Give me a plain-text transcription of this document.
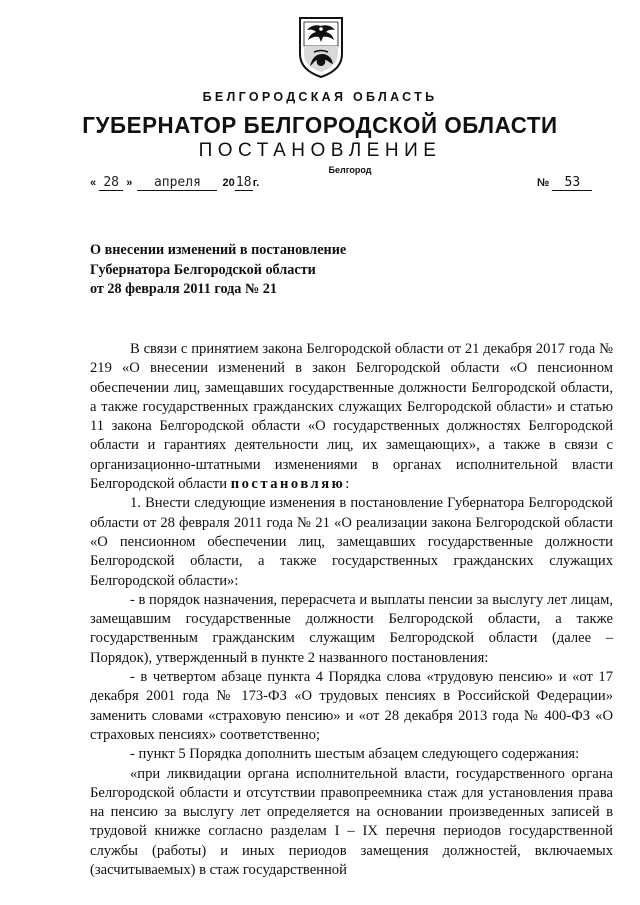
БЕЛГОРОДСКАЯ ОБЛАСТЬ
ГУБЕРНАТОР БЕЛГОРОДСКОЙ ОБЛАСТИ
ПОСТАНОВЛЕНИЕ
Белгород
« 28 » апреля 2018г.	№ 53
О внесении изменений в постановление
Губернатора Белгородской области
от 28 февраля 2011 года № 21

В связи с принятием закона Белгородской области от 21 декабря 2017 года № 219 «О внесении изменений в закон Белгородской области «О пенсионном обеспечении лиц, замещавших государственные должности Белгородской области, а также государственных гражданских служащих Белгородской области» и статью 11 закона Белгородской области «О государственных должностях Белгородской области и гарантиях деятельности лиц, их замещающих», а также в связи с организационно-штатными изменениями в органах исполнительной власти Белгородской области постановляю:

1. Внести следующие изменения в постановление Губернатора Белгородской области от 28 февраля 2011 года № 21 «О реализации закона Белгородской области «О пенсионном обеспечении лиц, замещавших государственные должности Белгородской области, а также государственных гражданских служащих Белгородской области»:

- в порядок назначения, перерасчета и выплаты пенсии за выслугу лет лицам, замещавшим государственные должности Белгородской области, а также государственным гражданским служащим Белгородской области (далее – Порядок), утвержденный в пункте 2 названного постановления:

- в четвертом абзаце пункта 4 Порядка слова «трудовую пенсию» и «от 17 декабря 2001 года № 173-ФЗ «О трудовых пенсиях в Российской Федерации» заменить словами «страховую пенсию» и «от 28 декабря 2013 года № 400-ФЗ «О страховых пенсиях» соответственно;

- пункт 5 Порядка дополнить шестым абзацем следующего содержания:

«при ликвидации органа исполнительной власти, государственного органа Белгородской области и отсутствии правопреемника стаж для установления права на пенсию за выслугу лет определяется на основании произведенных записей в трудовой книжке согласно разделам I – IX перечня периодов государственной службы (работы) и иных периодов замещения должностей, включаемых (засчитываемых) в стаж государственной
